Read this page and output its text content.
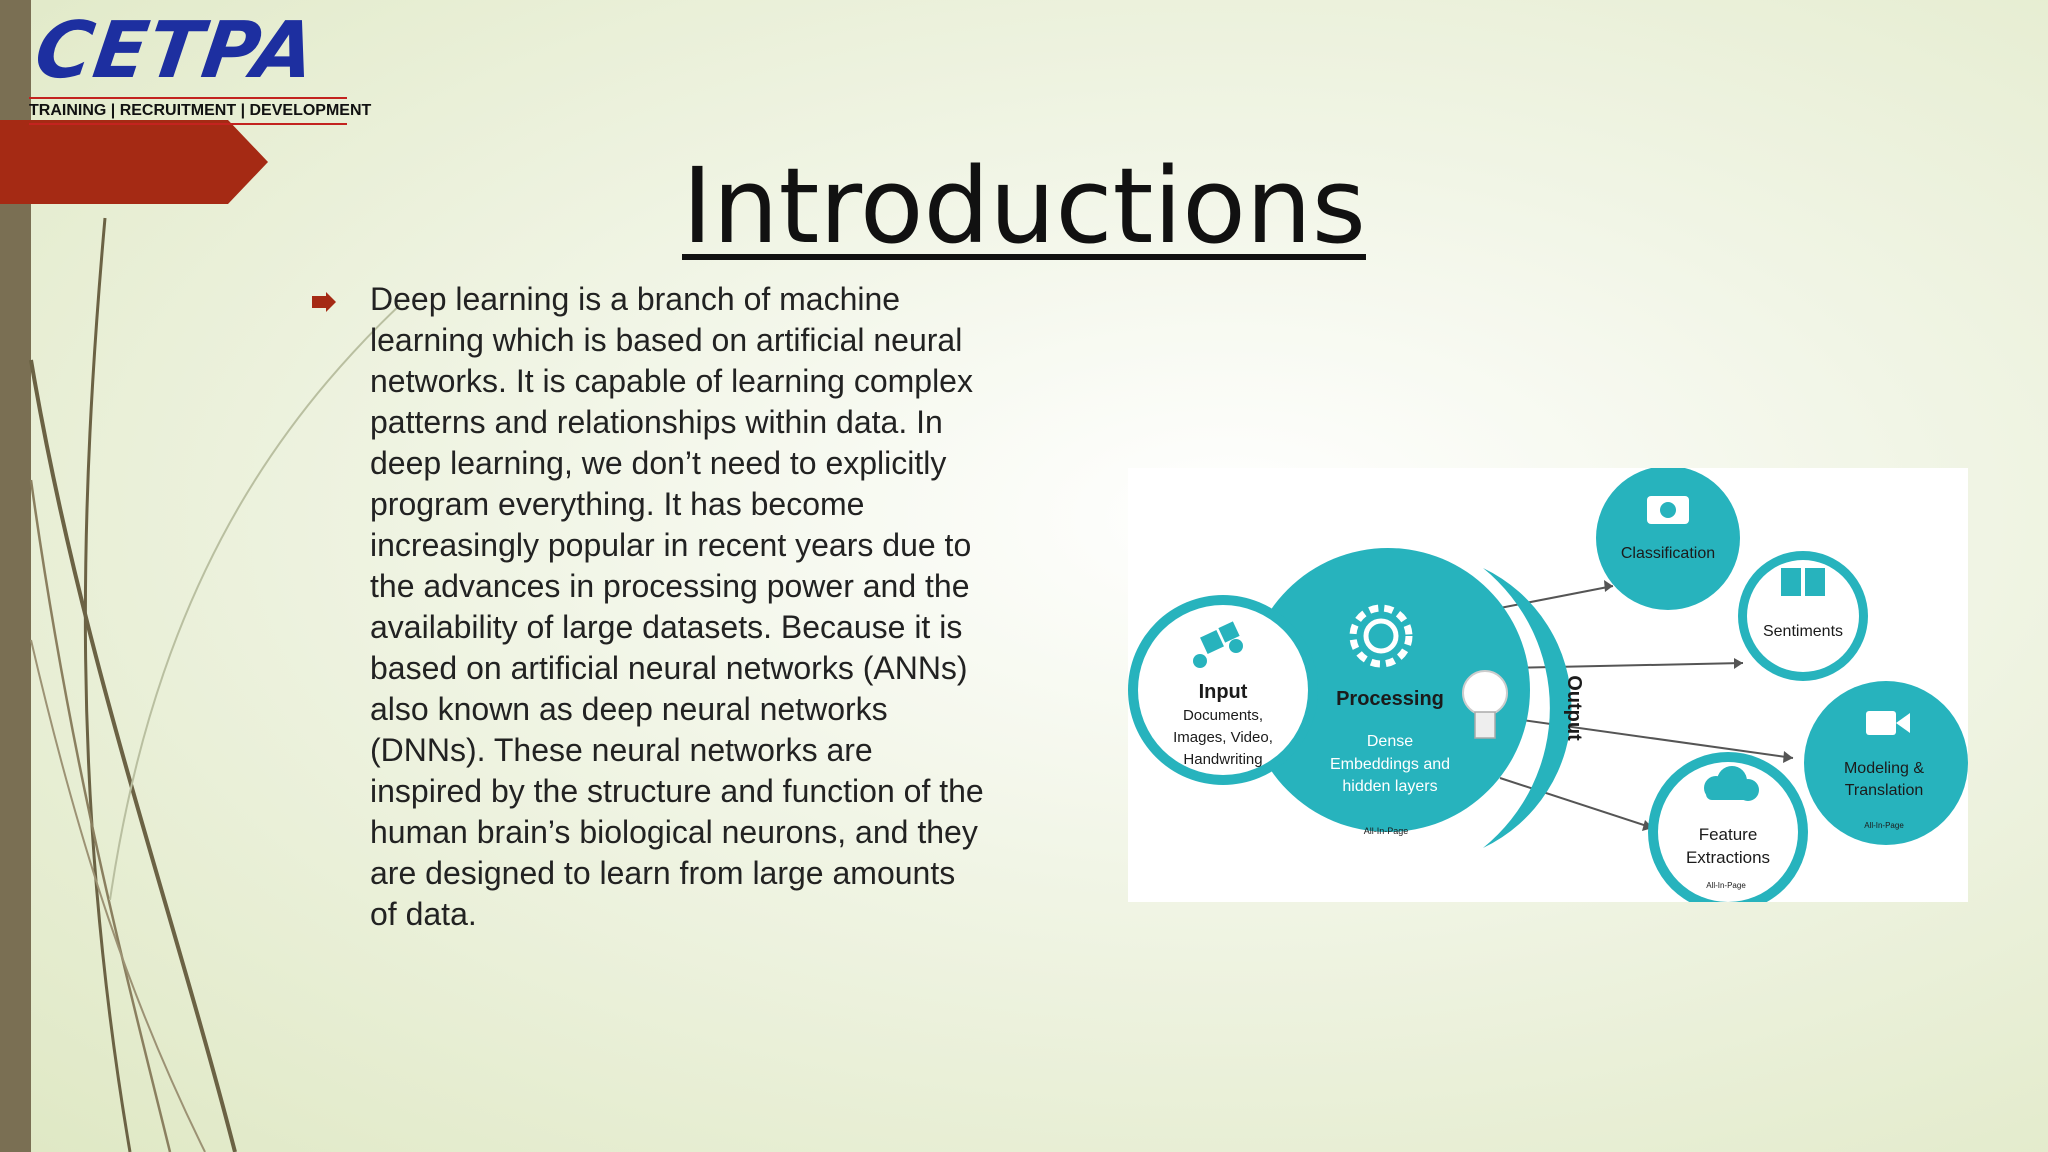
CETPA
TRAINING | RECRUITMENT | DEVELOPMENT
Introductions
Deep learning is a branch of machine learning which is based on artificial neural networks. It is capable of learning complex patterns and relationships within data. In deep learning, we don’t need to explicitly program everything. It has become increasingly popular in recent years due to the advances in processing power and the availability of large datasets. Because it is based on artificial neural networks (ANNs) also known as deep neural networks (DNNs). These neural networks are inspired by the structure and function of the human brain’s biological neurons, and they are designed to learn from large amounts of data.
Processing
Dense
Embeddings and
hidden layers
All-In-Page
Input
Documents,
Images, Video,
Handwriting
Output
Classification
Sentiments
Modeling &
Translation
All-In-Page
Feature
Extractions
All-In-Page
